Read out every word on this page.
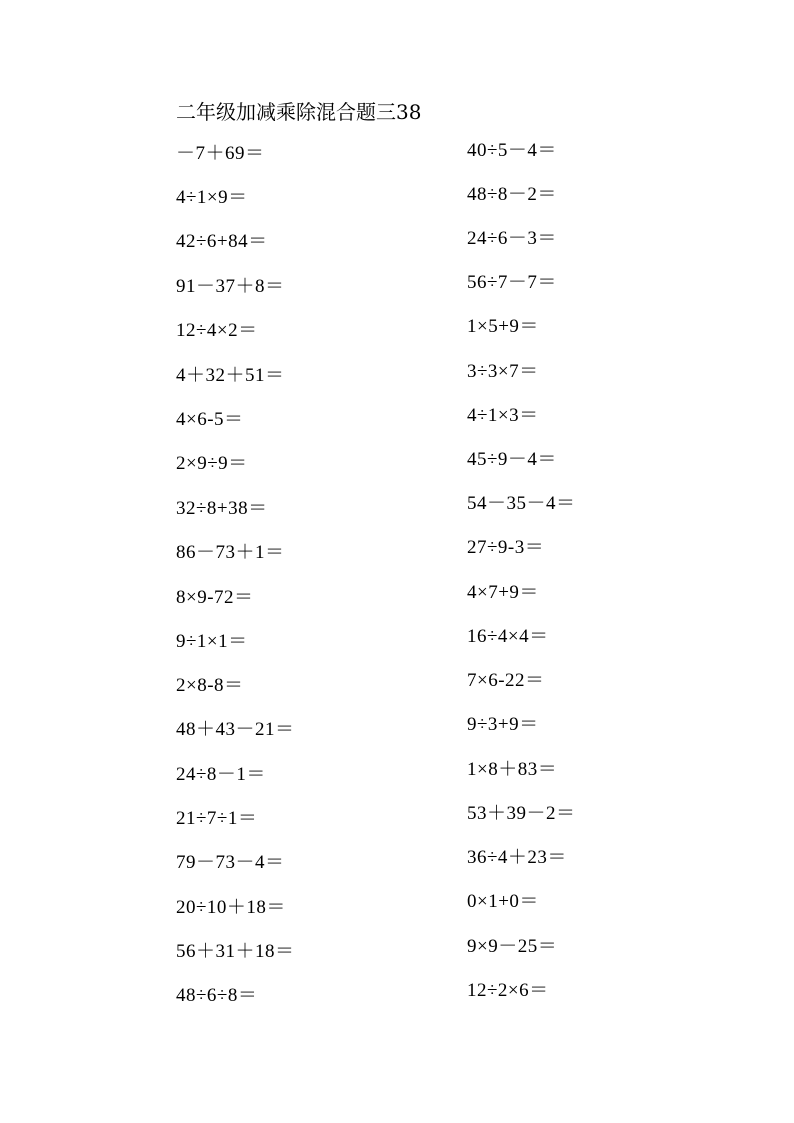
二年级加减乘除混合题三38
－7＋69＝
4÷1×9＝
42÷6+84＝
91－37＋8＝
12÷4×2＝
4＋32＋51＝
4×6-5＝
2×9÷9＝
32÷8+38＝
86－73＋1＝
8×9-72＝
9÷1×1＝
2×8-8＝
48＋43－21＝
24÷8－1＝
21÷7÷1＝
79－73－4＝
20÷10＋18＝
56＋31＋18＝
48÷6÷8＝
40÷5－4＝
48÷8－2＝
24÷6－3＝
56÷7－7＝
1×5+9＝
3÷3×7＝
4÷1×3＝
45÷9－4＝
54－35－4＝
27÷9-3＝
4×7+9＝
16÷4×4＝
7×6-22＝
9÷3+9＝
1×8＋83＝
53＋39－2＝
36÷4＋23＝
0×1+0＝
9×9－25＝
12÷2×6＝
